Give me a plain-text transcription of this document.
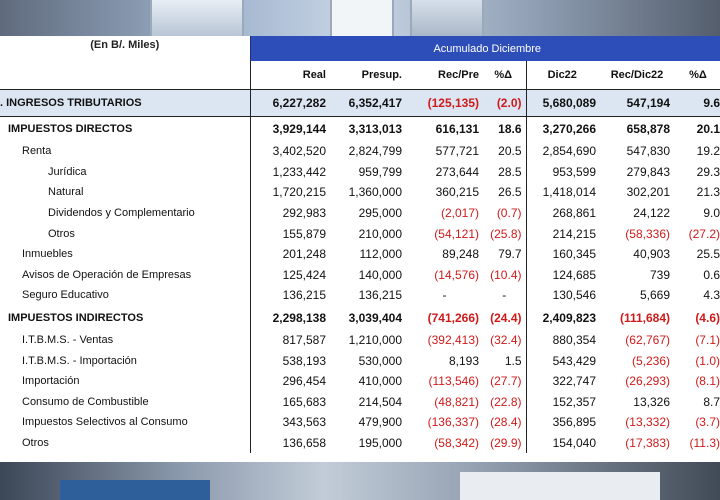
(En B/. Miles)	Acumulado Diciembre						
	Real	Presup.	Rec/Pre	%Δ	Dic22	Rec/Dic22	%Δ
. INGRESOS TRIBUTARIOS	6,227,282	6,352,417	(125,135)	(2.0)	5,680,089	547,194	9.6
IMPUESTOS DIRECTOS	3,929,144	3,313,013	616,131	18.6	3,270,266	658,878	20.1
Renta	3,402,520	2,824,799	577,721	20.5	2,854,690	547,830	19.2
Jurídica	1,233,442	959,799	273,644	28.5	953,599	279,843	29.3
Natural	1,720,215	1,360,000	360,215	26.5	1,418,014	302,201	21.3
Dividendos y Complementario	292,983	295,000	(2,017)	(0.7)	268,861	24,122	9.0
Otros	155,879	210,000	(54,121)	(25.8)	214,215	(58,336)	(27.2)
Inmuebles	201,248	112,000	89,248	79.7	160,345	40,903	25.5
Avisos de Operación de Empresas	125,424	140,000	(14,576)	(10.4)	124,685	739	0.6
Seguro Educativo	136,215	136,215	-	-	130,546	5,669	4.3
IMPUESTOS INDIRECTOS	2,298,138	3,039,404	(741,266)	(24.4)	2,409,823	(111,684)	(4.6)
I.T.B.M.S. - Ventas	817,587	1,210,000	(392,413)	(32.4)	880,354	(62,767)	(7.1)
I.T.B.M.S. - Importación	538,193	530,000	8,193	1.5	543,429	(5,236)	(1.0)
Importación	296,454	410,000	(113,546)	(27.7)	322,747	(26,293)	(8.1)
Consumo de Combustible	165,683	214,504	(48,821)	(22.8)	152,357	13,326	8.7
Impuestos Selectivos al Consumo	343,563	479,900	(136,337)	(28.4)	356,895	(13,332)	(3.7)
Otros	136,658	195,000	(58,342)	(29.9)	154,040	(17,383)	(11.3)
